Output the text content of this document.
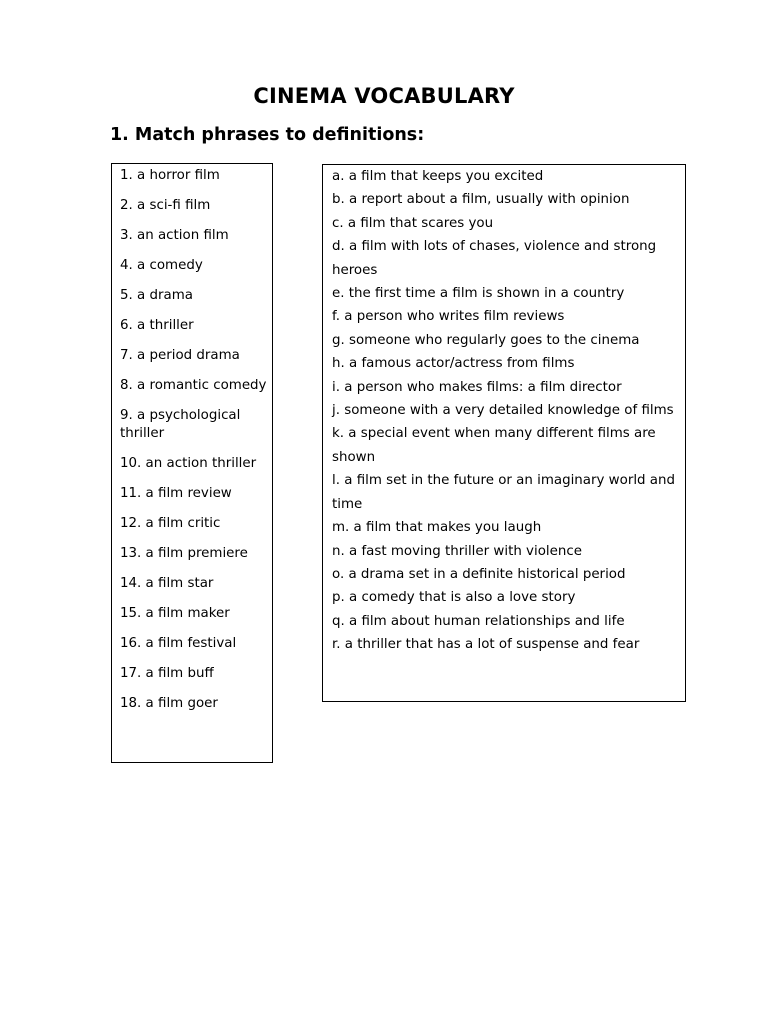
CINEMA VOCABULARY
1. Match phrases to definitions:
1. a horror film
2. a sci-fi film
3. an action film
4. a comedy
5. a drama
6. a thriller
7. a period drama
8. a romantic comedy
9. a psychological thriller
10. an action thriller
11. a film review
12. a film critic
13. a film premiere
14. a film star
15. a film maker
16. a film festival
17. a film buff
18. a film goer
a. a film that keeps you excited
b. a report about a film, usually with opinion
c. a film that scares you
d. a film with lots of chases, violence and strong heroes
e. the first time a film is shown in a country
f. a person who writes film reviews
g. someone who regularly goes to the cinema
h. a famous actor/actress from films
i. a person who makes films: a film director
j. someone with a very detailed knowledge of films
k. a special event when many different films are shown
l. a film set in the future or an imaginary world and time
m. a film that makes you laugh
n. a fast moving thriller with violence
o. a drama set in a definite historical period
p. a comedy that is also a love story
q. a film about human relationships and life
r. a thriller that has a lot of suspense and fear
